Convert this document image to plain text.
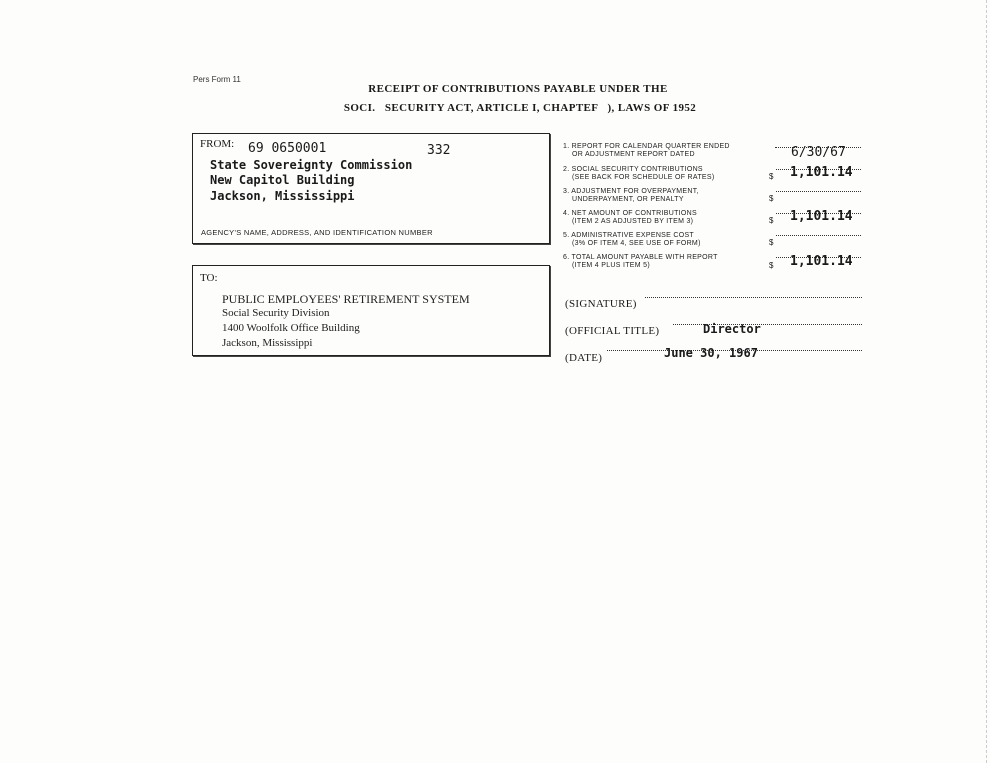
Pers Form 11
RECEIPT OF CONTRIBUTIONS PAYABLE UNDER THE
SOCI.   SECURITY ACT, ARTICLE I, CHAPTEF   ), LAWS OF 1952
FROM: 69 0650001	332
State Sovereignty Commission
New Capitol Building
Jackson, Mississippi
AGENCY'S NAME, ADDRESS, AND IDENTIFICATION NUMBER
TO:
PUBLIC EMPLOYEES' RETIREMENT SYSTEM
Social Security Division
1400 Woolfolk Office Building
Jackson, Mississippi
1. REPORT FOR CALENDAR QUARTER ENDED
OR ADJUSTMENT REPORT DATED	6/30/67
2. SOCIAL SECURITY CONTRIBUTIONS
(SEE BACK FOR SCHEDULE OF RATES)	$ 1,101.14
3. ADJUSTMENT FOR OVERPAYMENT,
UNDERPAYMENT, OR PENALTY	$
4. NET AMOUNT OF CONTRIBUTIONS
(ITEM 2 AS ADJUSTED BY ITEM 3)	$ 1,101.14
5. ADMINISTRATIVE EXPENSE COST
(3% OF ITEM 4, SEE USE OF FORM)	$
6. TOTAL AMOUNT PAYABLE WITH REPORT
(ITEM 4 PLUS ITEM 5)	$ 1,101.14
(SIGNATURE)
(OFFICIAL TITLE)	Director
(DATE)	June 30, 1967
